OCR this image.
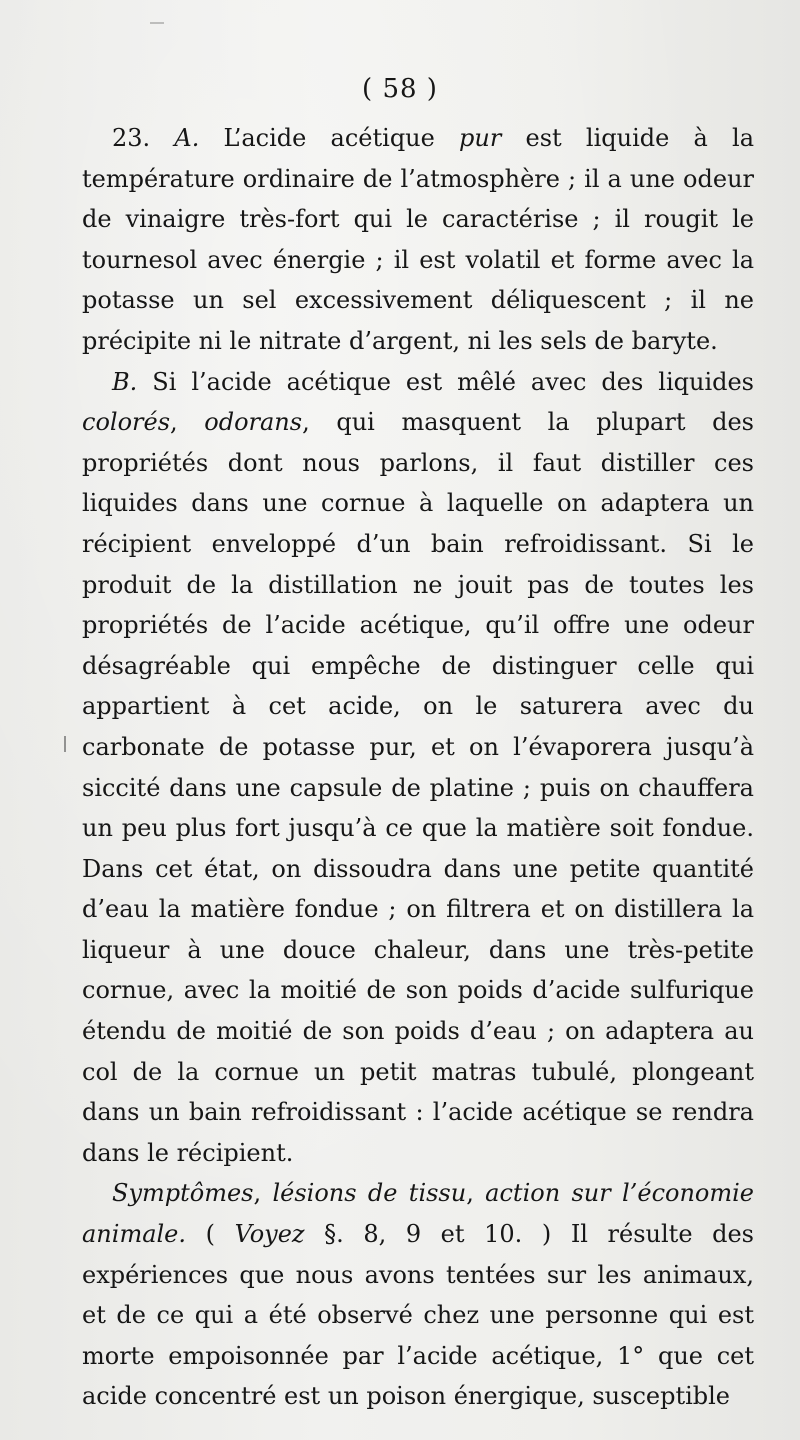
( 58 )

23. A. L’acide acétique pur est liquide à la température ordinaire de l’atmosphère ; il a une odeur de vinaigre très-fort qui le caractérise ; il rougit le tournesol avec énergie ; il est volatil et forme avec la potasse un sel excessivement déliquescent ; il ne précipite ni le nitrate d’argent, ni les sels de baryte.

B. Si l’acide acétique est mêlé avec des liquides colorés, odorans, qui masquent la plupart des propriétés dont nous parlons, il faut distiller ces liquides dans une cornue à laquelle on adaptera un récipient enveloppé d’un bain refroidissant. Si le produit de la distillation ne jouit pas de toutes les propriétés de l’acide acétique, qu’il offre une odeur désagréable qui empêche de distinguer celle qui appartient à cet acide, on le saturera avec du carbonate de potasse pur, et on l’évaporera jusqu’à siccité dans une capsule de platine ; puis on chauffera un peu plus fort jusqu’à ce que la matière soit fondue. Dans cet état, on dissoudra dans une petite quantité d’eau la matière fondue ; on filtrera et on distillera la liqueur à une douce chaleur, dans une très-petite cornue, avec la moitié de son poids d’acide sulfurique étendu de moitié de son poids d’eau ; on adaptera au col de la cornue un petit matras tubulé, plongeant dans un bain refroidissant : l’acide acétique se rendra dans le récipient.

Symptômes, lésions de tissu, action sur l’économie animale. ( Voyez §. 8, 9 et 10. ) Il résulte des expériences que nous avons tentées sur les animaux, et de ce qui a été observé chez une personne qui est morte empoisonnée par l’acide acétique, 1° que cet acide concentré est un poison énergique, susceptible
